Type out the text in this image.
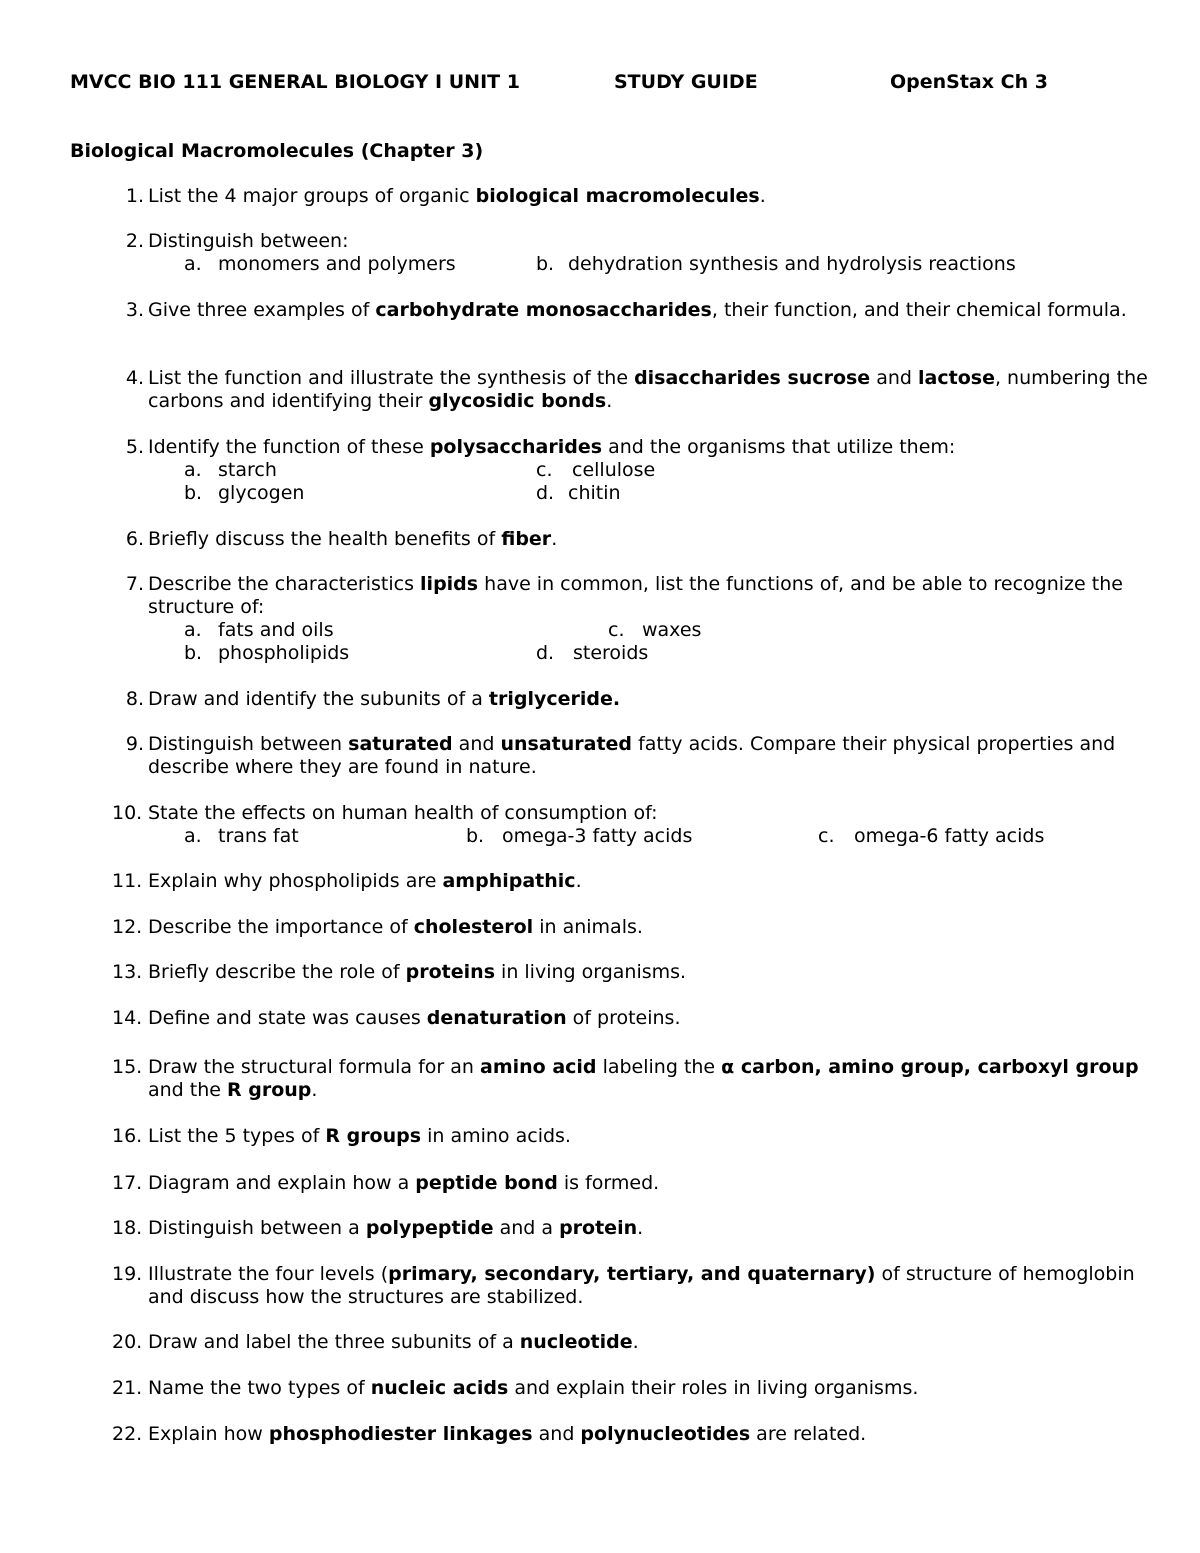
MVCC BIO 111 GENERAL BIOLOGY I UNIT 1	STUDY GUIDE	OpenStax Ch 3
Biological Macromolecules (Chapter 3)
1. List the 4 major groups of organic biological macromolecules.
2. Distinguish between:
a. monomers and polymers	b. dehydration synthesis and hydrolysis reactions
3. Give three examples of carbohydrate monosaccharides, their function, and their chemical formula.
4. List the function and illustrate the synthesis of the disaccharides sucrose and lactose, numbering the carbons and identifying their glycosidic bonds.
5. Identify the function of these polysaccharides and the organisms that utilize them:
a. starch	c. cellulose
b. glycogen	d. chitin
6. Briefly discuss the health benefits of fiber.
7. Describe the characteristics lipids have in common, list the functions of, and be able to recognize the structure of:
a. fats and oils	c. waxes
b. phospholipids	d. steroids
8. Draw and identify the subunits of a triglyceride.
9. Distinguish between saturated and unsaturated fatty acids. Compare their physical properties and describe where they are found in nature.
10. State the effects on human health of consumption of:
a. trans fat	b. omega-3 fatty acids	c. omega-6 fatty acids
11. Explain why phospholipids are amphipathic.
12. Describe the importance of cholesterol in animals.
13. Briefly describe the role of proteins in living organisms.
14. Define and state was causes denaturation of proteins.
15. Draw the structural formula for an amino acid labeling the α carbon, amino group, carboxyl group and the R group.
16. List the 5 types of R groups in amino acids.
17. Diagram and explain how a peptide bond is formed.
18. Distinguish between a polypeptide and a protein.
19. Illustrate the four levels (primary, secondary, tertiary, and quaternary) of structure of hemoglobin and discuss how the structures are stabilized.
20. Draw and label the three subunits of a nucleotide.
21. Name the two types of nucleic acids and explain their roles in living organisms.
22. Explain how phosphodiester linkages and polynucleotides are related.
